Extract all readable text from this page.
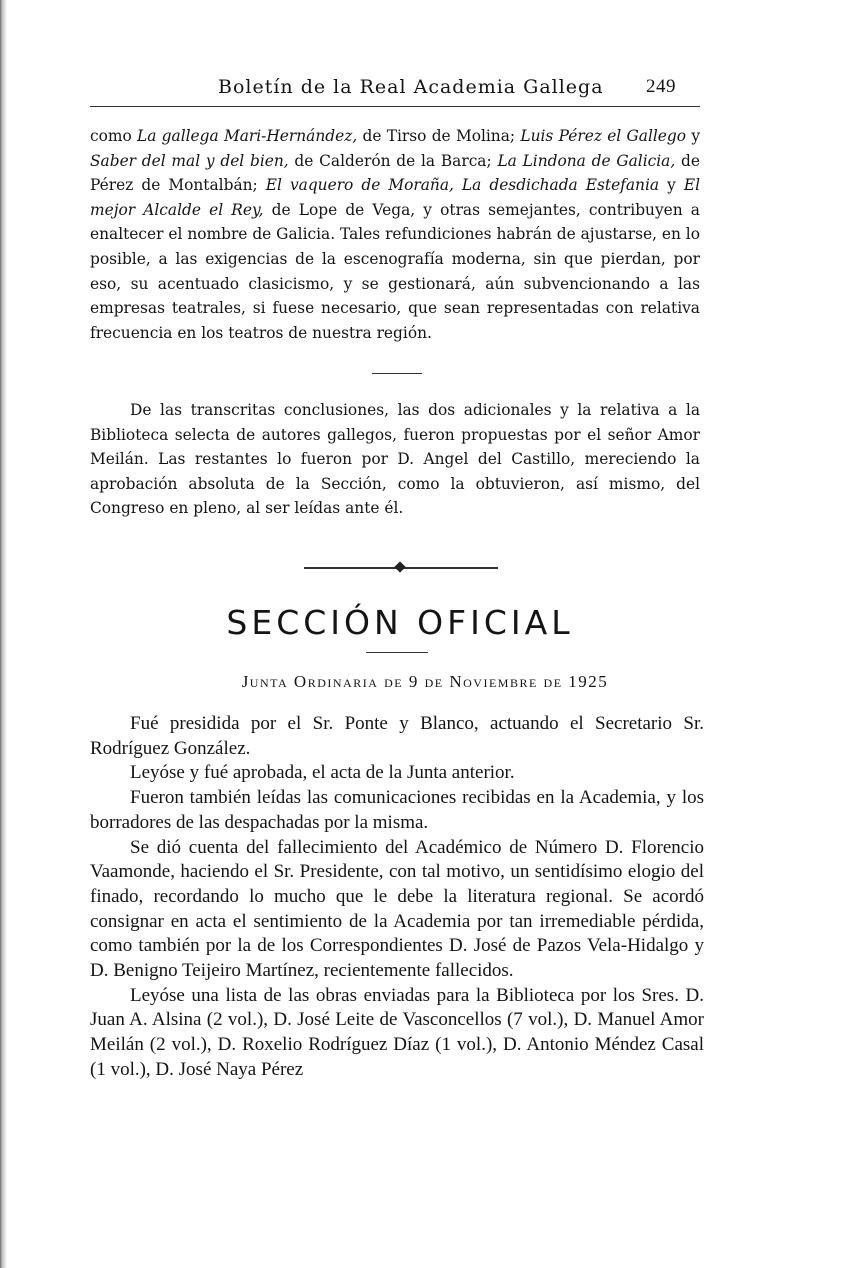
Boletín de la Real Academia Gallega 249

como La gallega Mari-Hernández, de Tirso de Molina; Luis Pérez el Gallego y Saber del mal y del bien, de Calderón de la Barca; La Lindona de Galicia, de Pérez de Montalbán; El vaquero de Moraña, La desdichada Estefania y El mejor Alcalde el Rey, de Lope de Vega, y otras semejantes, contribuyen a enaltecer el nombre de Galicia. Tales refundiciones habrán de ajustarse, en lo posible, a las exigencias de la escenografía moderna, sin que pierdan, por eso, su acentuado clasicismo, y se gestionará, aún subvencionando a las empresas teatrales, si fuese necesario, que sean representadas con relativa frecuencia en los teatros de nuestra región.

De las transcritas conclusiones, las dos adicionales y la relativa a la Biblioteca selecta de autores gallegos, fueron propuestas por el señor Amor Meilán. Las restantes lo fueron por D. Angel del Castillo, mereciendo la aprobación absoluta de la Sección, como la obtuvieron, así mismo, del Congreso en pleno, al ser leídas ante él.

SECCIÓN OFICIAL
Junta Ordinaria de 9 de Noviembre de 1925

Fué presidida por el Sr. Ponte y Blanco, actuando el Secretario Sr. Rodríguez González.

Leyóse y fué aprobada, el acta de la Junta anterior.

Fueron también leídas las comunicaciones recibidas en la Academia, y los borradores de las despachadas por la misma.

Se dió cuenta del fallecimiento del Académico de Número D. Florencio Vaamonde, haciendo el Sr. Presidente, con tal motivo, un sentidísimo elogio del finado, recordando lo mucho que le debe la literatura regional. Se acordó consignar en acta el sentimiento de la Academia por tan irremediable pérdida, como también por la de los Correspondientes D. José de Pazos Vela-Hidalgo y D. Benigno Teijeiro Martínez, recientemente fallecidos.

Leyóse una lista de las obras enviadas para la Biblioteca por los Sres. D. Juan A. Alsina (2 vol.), D. José Leite de Vasconcellos (7 vol.), D. Manuel Amor Meilán (2 vol.), D. Roxelio Rodríguez Díaz (1 vol.), D. Antonio Méndez Casal (1 vol.), D. José Naya Pérez
